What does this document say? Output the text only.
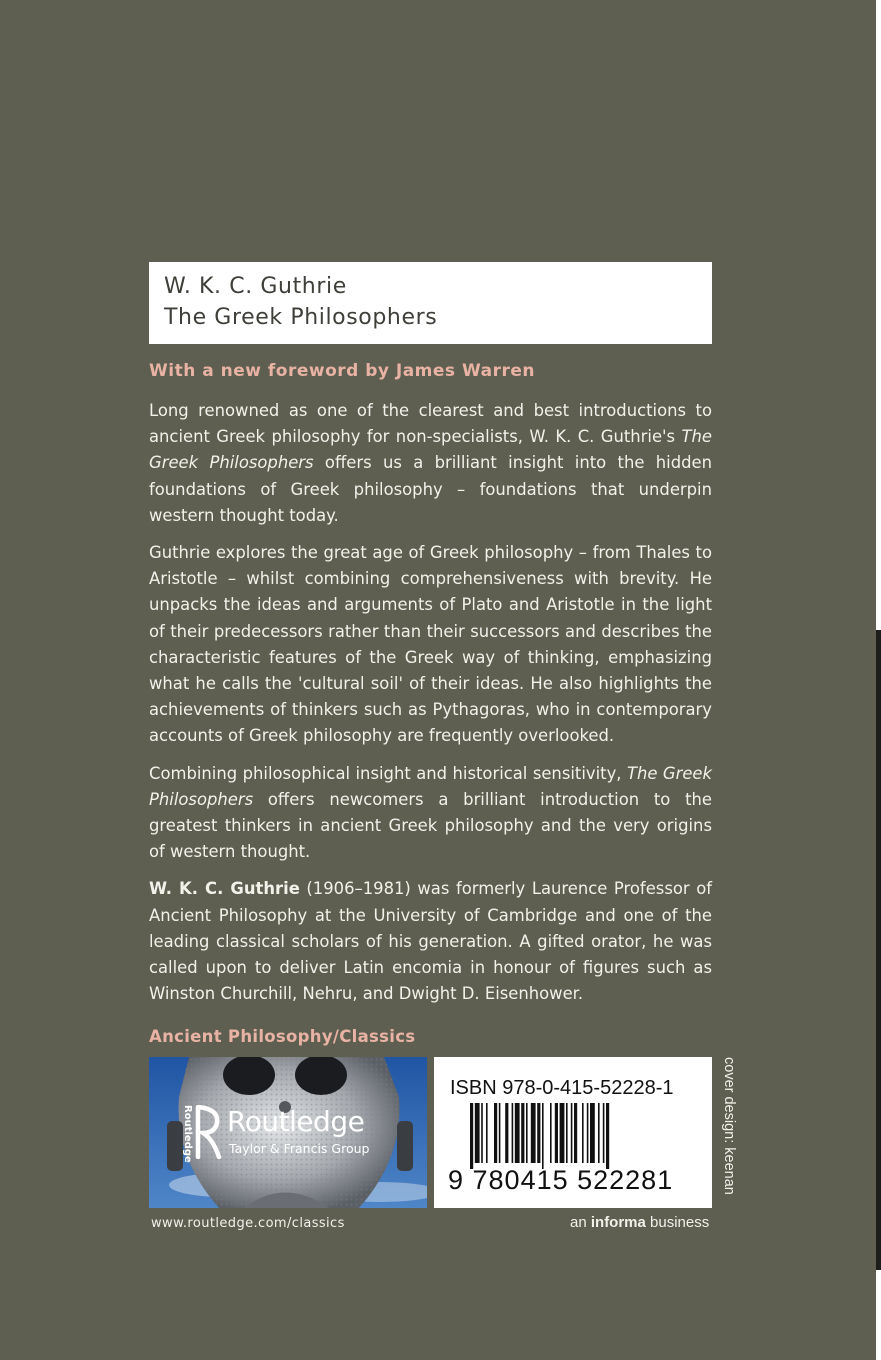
W. K. C. Guthrie
The Greek Philosophers
With a new foreword by James Warren

Long renowned as one of the clearest and best introductions to ancient Greek philosophy for non-specialists, W. K. C. Guthrie's The Greek Philosophers offers us a brilliant insight into the hidden foundations of Greek philosophy – foundations that underpin western thought today.

Guthrie explores the great age of Greek philosophy – from Thales to Aristotle – whilst combining comprehensiveness with brevity. He unpacks the ideas and arguments of Plato and Aristotle in the light of their predecessors rather than their successors and describes the characteristic features of the Greek way of thinking, emphasizing what he calls the 'cultural soil' of their ideas. He also highlights the achievements of thinkers such as Pythagoras, who in contemporary accounts of Greek philosophy are frequently overlooked.

Combining philosophical insight and historical sensitivity, The Greek Philosophers offers newcomers a brilliant introduction to the greatest thinkers in ancient Greek philosophy and the very origins of western thought.

W. K. C. Guthrie (1906–1981) was formerly Laurence Professor of Ancient Philosophy at the University of Cambridge and one of the leading classical scholars of his generation. A gifted orator, he was called upon to deliver Latin encomia in honour of figures such as Winston Churchill, Nehru, and Dwight D. Eisenhower.

Ancient Philosophy/Classics
Routledge Routledge
Taylor & Francis Group
ISBN 978-0-415-52228-1
9 780415 522281	cover design: keenan
www.routledge.com/classics	an informa business
